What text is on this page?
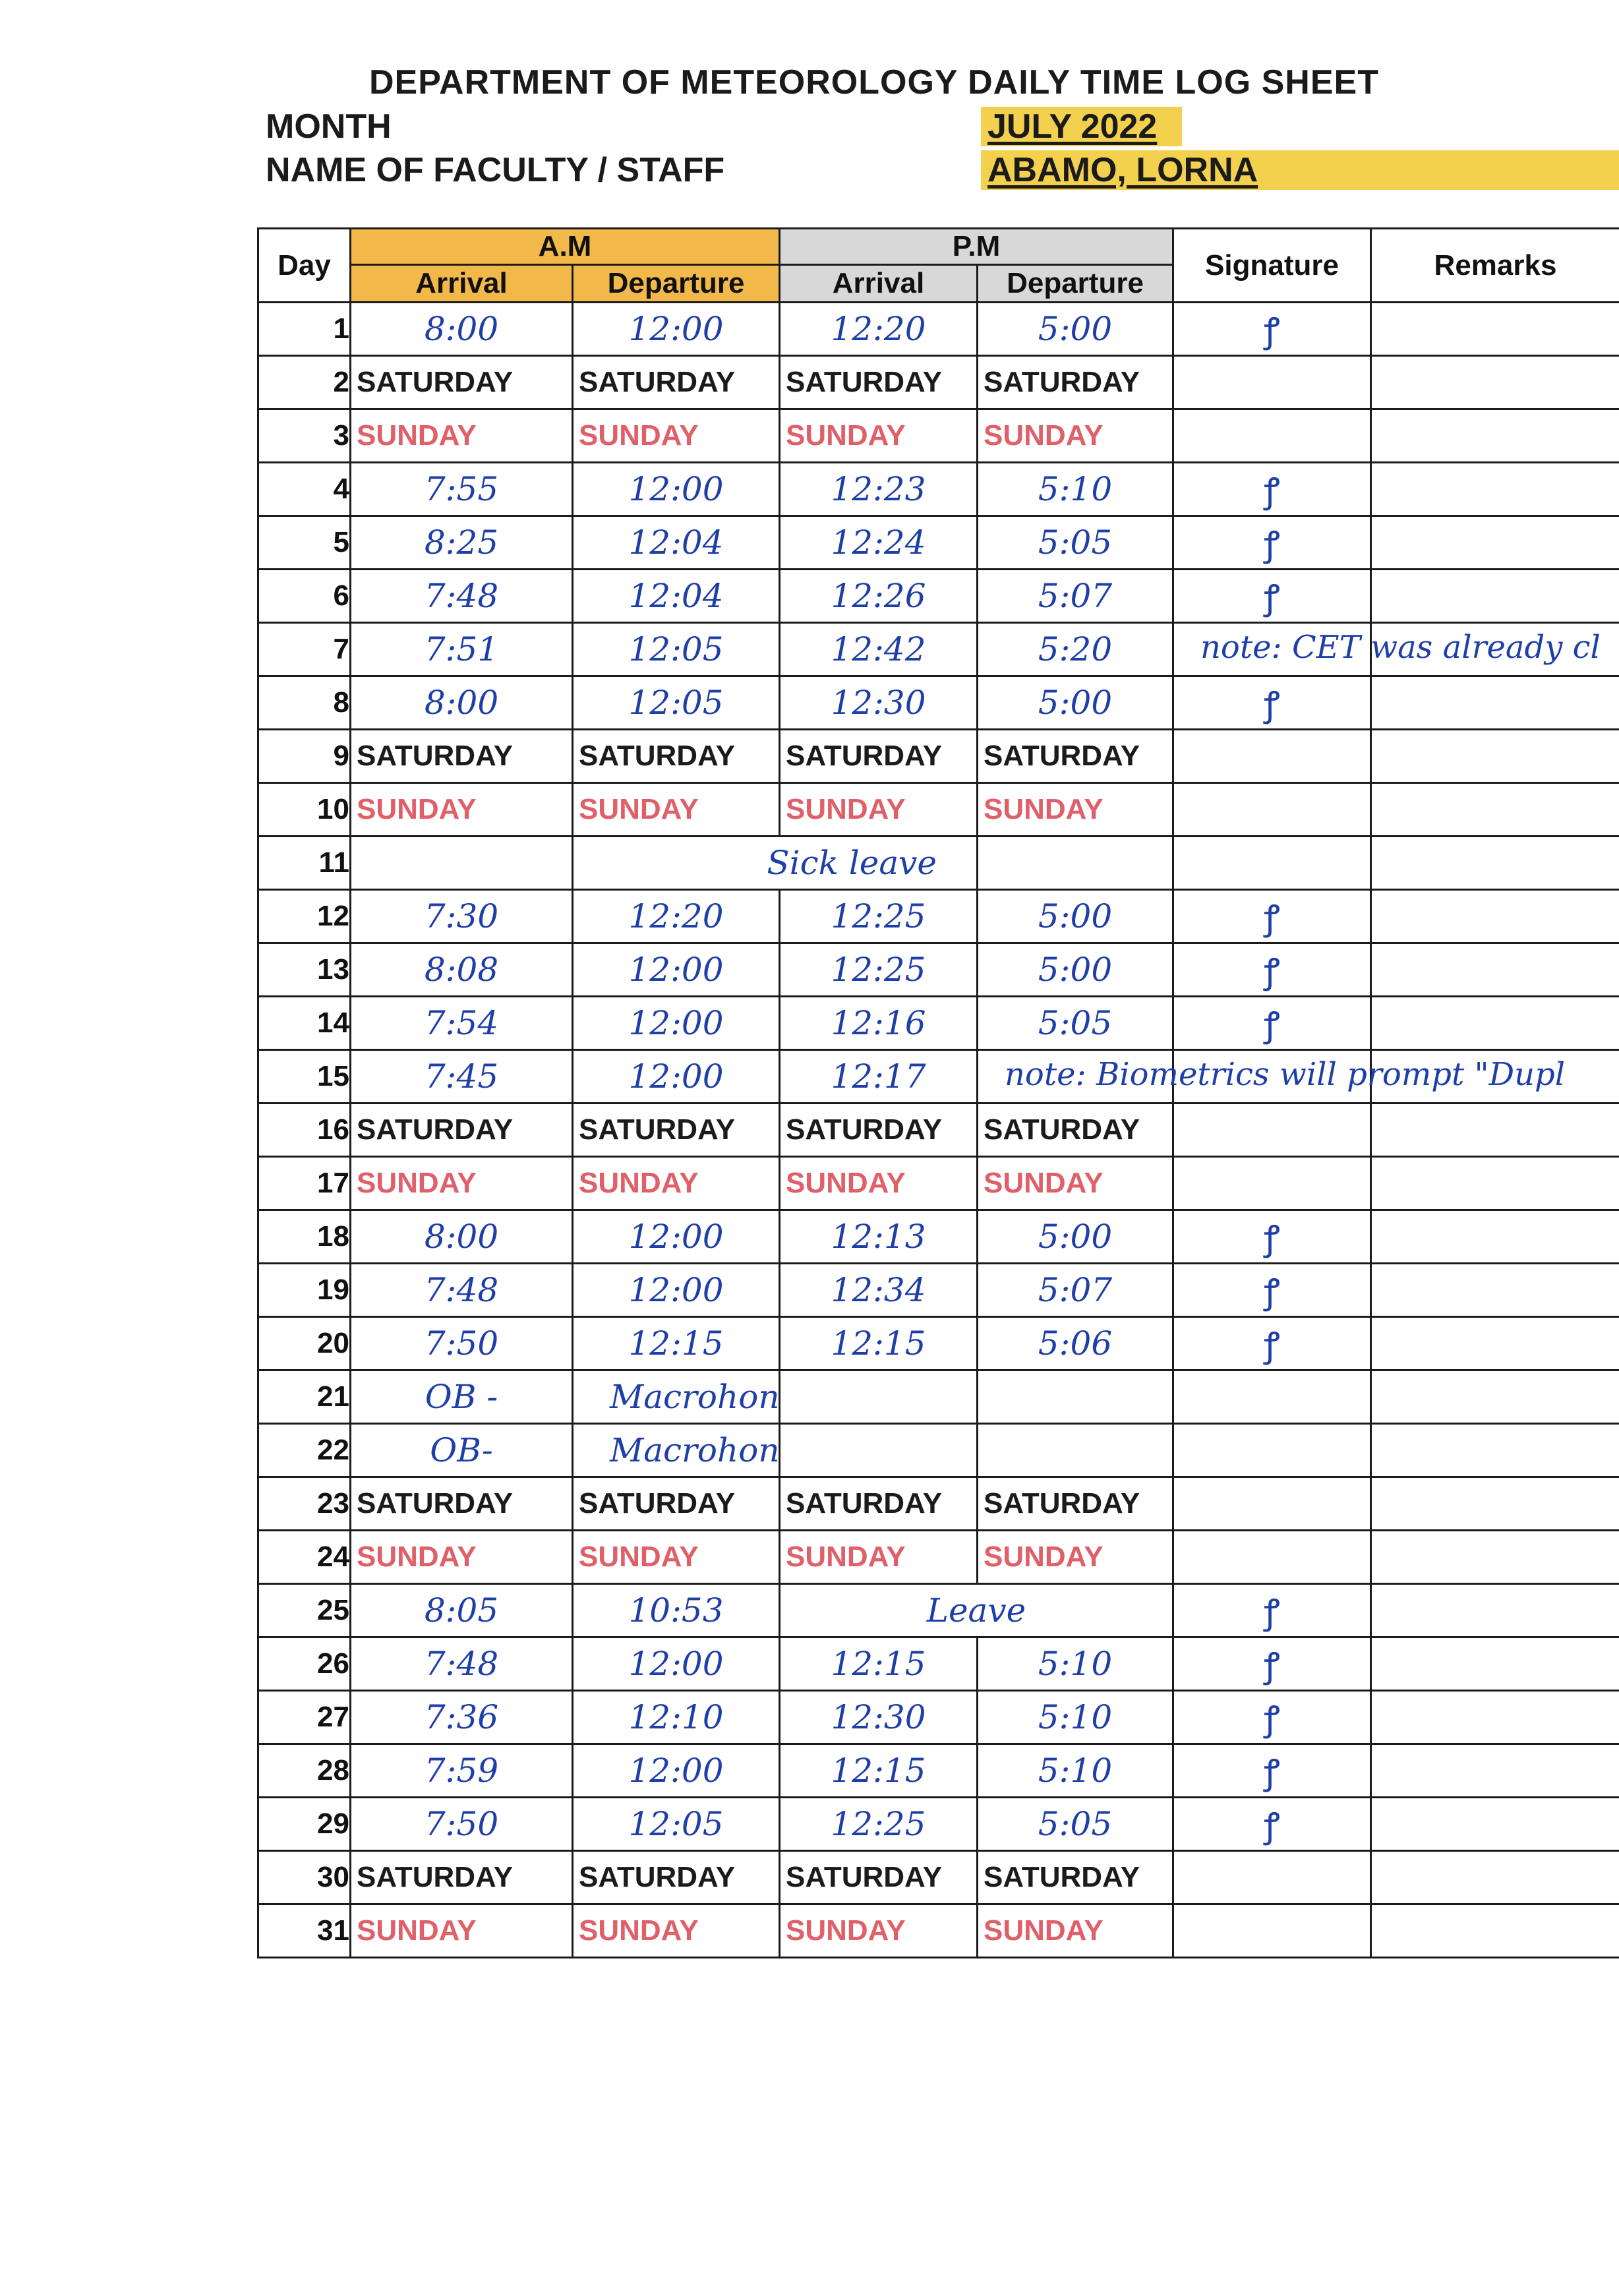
DEPARTMENT OF METEOROLOGY DAILY TIME LOG SHEET
MONTH
NAME OF FACULTY / STAFF
JULY 2022
ABAMO, LORNA
Day	A.M		P.M		Signature	Remarks
	Arrival	Departure	Arrival	Departure		
1	8:00	12:00	12:20	5:00	ꝭ	

2	SATURDAY	SATURDAY	SATURDAY	SATURDAY		
3	SUNDAY	SUNDAY	SUNDAY	SUNDAY		
4	7:55	12:00	12:23	5:10	ꝭ	

5	8:25	12:04	12:24	5:05	ꝭ	

6	7:48	12:04	12:26	5:07	ꝭ	

7	7:51	12:05	12:42	5:20	note: CET was already cl	

8	8:00	12:05	12:30	5:00	ꝭ	

9	SATURDAY	SATURDAY	SATURDAY	SATURDAY		
10	SUNDAY	SUNDAY	SUNDAY	SUNDAY		
11		Sick leave				

12	7:30	12:20	12:25	5:00	ꝭ	

13	8:08	12:00	12:25	5:00	ꝭ	

14	7:54	12:00	12:16	5:05	ꝭ	

15	7:45	12:00	12:17	note: Biometrics will prompt "Dupl		

16	SATURDAY	SATURDAY	SATURDAY	SATURDAY		
17	SUNDAY	SUNDAY	SUNDAY	SUNDAY		
18	8:00	12:00	12:13	5:00	ꝭ	

19	7:48	12:00	12:34	5:07	ꝭ	

20	7:50	12:15	12:15	5:06	ꝭ	

21	OB -	Macrohon				

22	OB-	Macrohon				

23	SATURDAY	SATURDAY	SATURDAY	SATURDAY		
24	SUNDAY	SUNDAY	SUNDAY	SUNDAY		
25	8:05	10:53	Leave		ꝭ	

26	7:48	12:00	12:15	5:10	ꝭ	

27	7:36	12:10	12:30	5:10	ꝭ	

28	7:59	12:00	12:15	5:10	ꝭ	

29	7:50	12:05	12:25	5:05	ꝭ	

30	SATURDAY	SATURDAY	SATURDAY	SATURDAY		
31	SUNDAY	SUNDAY	SUNDAY	SUNDAY		
